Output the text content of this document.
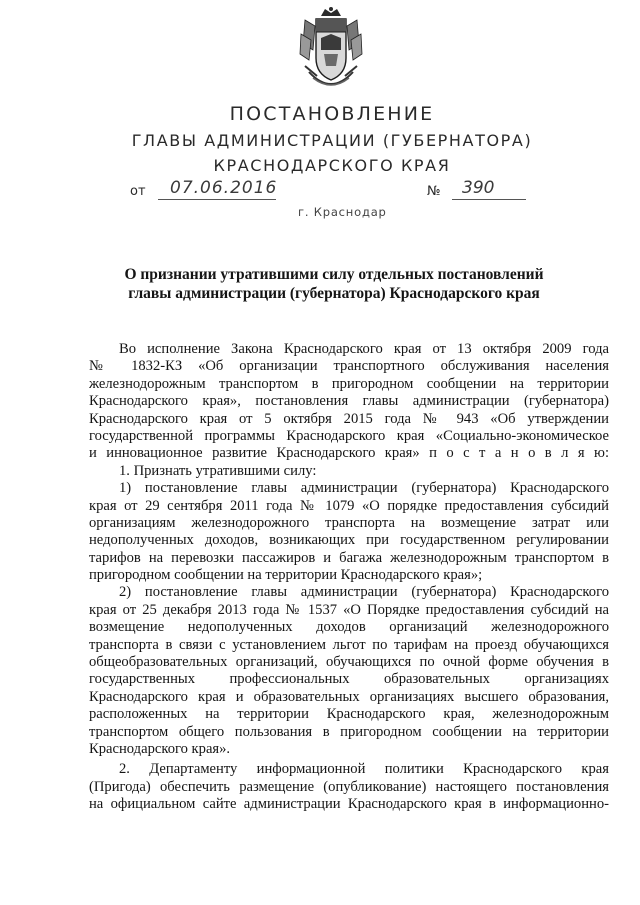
ПОСТАНОВЛЕНИЕ
ГЛАВЫ АДМИНИСТРАЦИИ (ГУБЕРНАТОРА)
КРАСНОДАРСКОГО КРАЯ
от 07.06.2016	№ 390
г. Краснодар
О признании утратившими силу отдельных постановлений
главы администрации (губернатора) Краснодарского края
Во исполнение Закона Краснодарского края от 13 октября 2009 года
№ 1832-КЗ «Об организации транспортного обслуживания населения
железнодорожным транспортом в пригородном сообщении на территории
Краснодарского края», постановления главы администрации (губернатора)
Краснодарского края от 5 октября 2015 года № 943 «Об утверждении
государственной программы Краснодарского края «Социально-экономическое
и инновационное развитие Краснодарского края» п о с т а н о в л я ю:
1. Признать утратившими силу:
1) постановление главы администрации (губернатора) Краснодарского
края от 29 сентября 2011 года № 1079 «О порядке предоставления субсидий
организациям железнодорожного транспорта на возмещение затрат или
недополученных доходов, возникающих при государственном регулировании
тарифов на перевозки пассажиров и багажа железнодорожным транспортом в
пригородном сообщении на территории Краснодарского края»;
2) постановление главы администрации (губернатора) Краснодарского
края от 25 декабря 2013 года № 1537 «О Порядке предоставления субсидий на
возмещение недополученных доходов организаций железнодорожного
транспорта в связи с установлением льгот по тарифам на проезд обучающихся
общеобразовательных организаций, обучающихся по очной форме обучения в
государственных профессиональных образовательных организациях
Краснодарского края и образовательных организациях высшего образования,
расположенных на территории Краснодарского края, железнодорожным
транспортом общего пользования в пригородном сообщении на территории
Краснодарского края».
2. Департаменту информационной политики Краснодарского края
(Пригода) обеспечить размещение (опубликование) настоящего постановления
на официальном сайте администрации Краснодарского края в информационно-
